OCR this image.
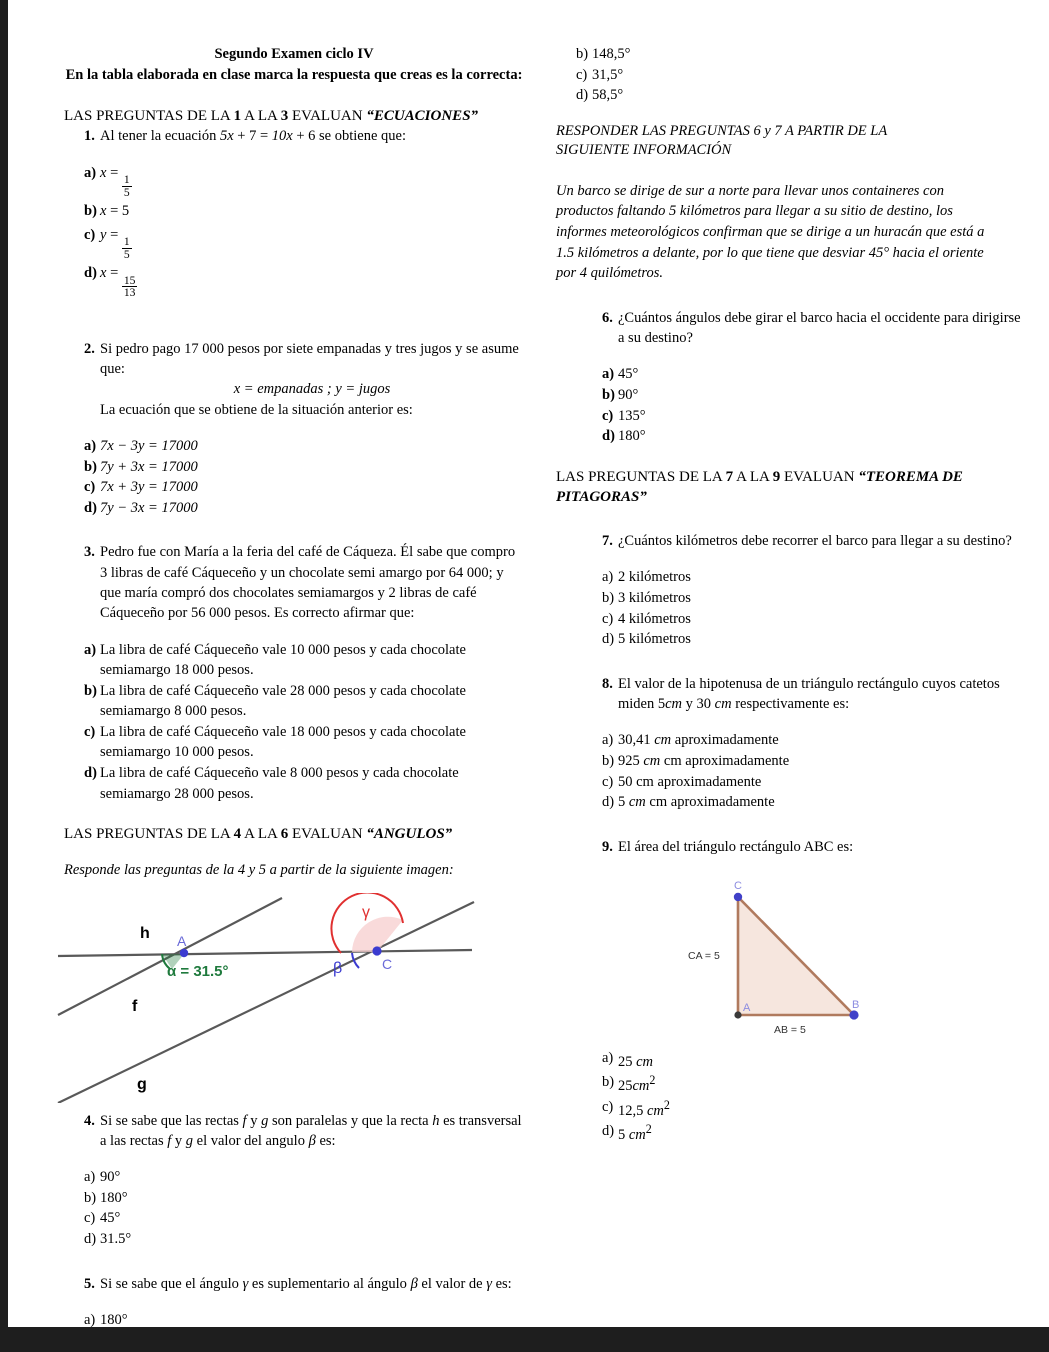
Segundo Examen ciclo IV
En la tabla elaborada en clase marca la respuesta que creas es la correcta:
LAS PREGUNTAS DE LA 1 A LA 3 EVALUAN “ECUACIONES”
1. Al tener la ecuación 5x + 7 = 10x + 6 se obtiene que:
a) x =
$\frac{1}{5}$
b) x = 5
c) y =
$\frac{1}{5}$
d) x =
$\frac{15}{13}$
2. Si pedro pago 17 000 pesos por siete empanadas y tres jugos y se asume que:
x = empanadas ; y = jugos
La ecuación que se obtiene de la situación anterior es:
a) 7x − 3y = 17000
b) 7y + 3x = 17000
c) 7x + 3y = 17000
d) 7y − 3x = 17000
3. Pedro fue con María a la feria del café de Cáqueza. Él sabe que compro 3 libras de café Cáqueceño y un chocolate semi amargo por 64 000; y que maría compró dos chocolates semiamargos y 2 libras de café Cáqueceño por 56 000 pesos. Es correcto afirmar que:
a) La libra de café Cáqueceño vale 10 000 pesos y cada chocolate semiamargo 18 000 pesos.
b) La libra de café Cáqueceño vale 28 000 pesos y cada chocolate semiamargo 8 000 pesos.
c) La libra de café Cáqueceño vale 18 000 pesos y cada chocolate semiamargo 10 000 pesos.
d) La libra de café Cáqueceño vale 8 000 pesos y cada chocolate semiamargo 28 000 pesos.
LAS PREGUNTAS DE LA 4 A LA 6 EVALUAN “ANGULOS”
Responde las preguntas de la 4 y 5 a partir de la siguiente imagen:
h
f
g
A
C
α = 31.5°	β
γ
4. Si se sabe que las rectas f y g son paralelas y que la recta h es transversal a las rectas f y g el valor del angulo β es:
a) 90°
b) 180°
c) 45°
d) 31.5°
5. Si se sabe que el ángulo γ es suplementario al ángulo β el valor de γ es:
a) 180°
b) 148,5°
c) 31,5°
d) 58,5°
RESPONDER LAS PREGUNTAS 6 y 7 A PARTIR DE LA
SIGUIENTE INFORMACIÓN
Un barco se dirige de sur a norte para llevar unos containeres con productos faltando 5 kilómetros para llegar a su sitio de destino, los informes meteorológicos confirman que se dirige a un huracán que está a 1.5 kilómetros a delante, por lo que tiene que desviar 45° hacia el oriente por 4 quilómetros.
6. ¿Cuántos ángulos debe girar el barco hacia el occidente para dirigirse a su destino?
a) 45°
b) 90°
c) 135°
d) 180°
LAS PREGUNTAS DE LA 7 A LA 9 EVALUAN “TEOREMA DE PITAGORAS”
7. ¿Cuántos kilómetros debe recorrer el barco para llegar a su destino?
a) 2 kilómetros
b) 3 kilómetros
c) 4 kilómetros
d) 5 kilómetros
8. El valor de la hipotenusa de un triángulo rectángulo cuyos catetos miden 5cm y 30 cm respectivamente es:
a) 30,41 cm aproximadamente
b) 925 cm cm aproximadamente
c) 50 cm aproximadamente
d) 5 cm cm aproximadamente
9. El área del triángulo rectángulo ABC es:
C
A	B
CA = 5
AB = 5
a) 25 cm
b) $25cm^2$
c) 12,5 $cm^2$
d) 5 $cm^2$
